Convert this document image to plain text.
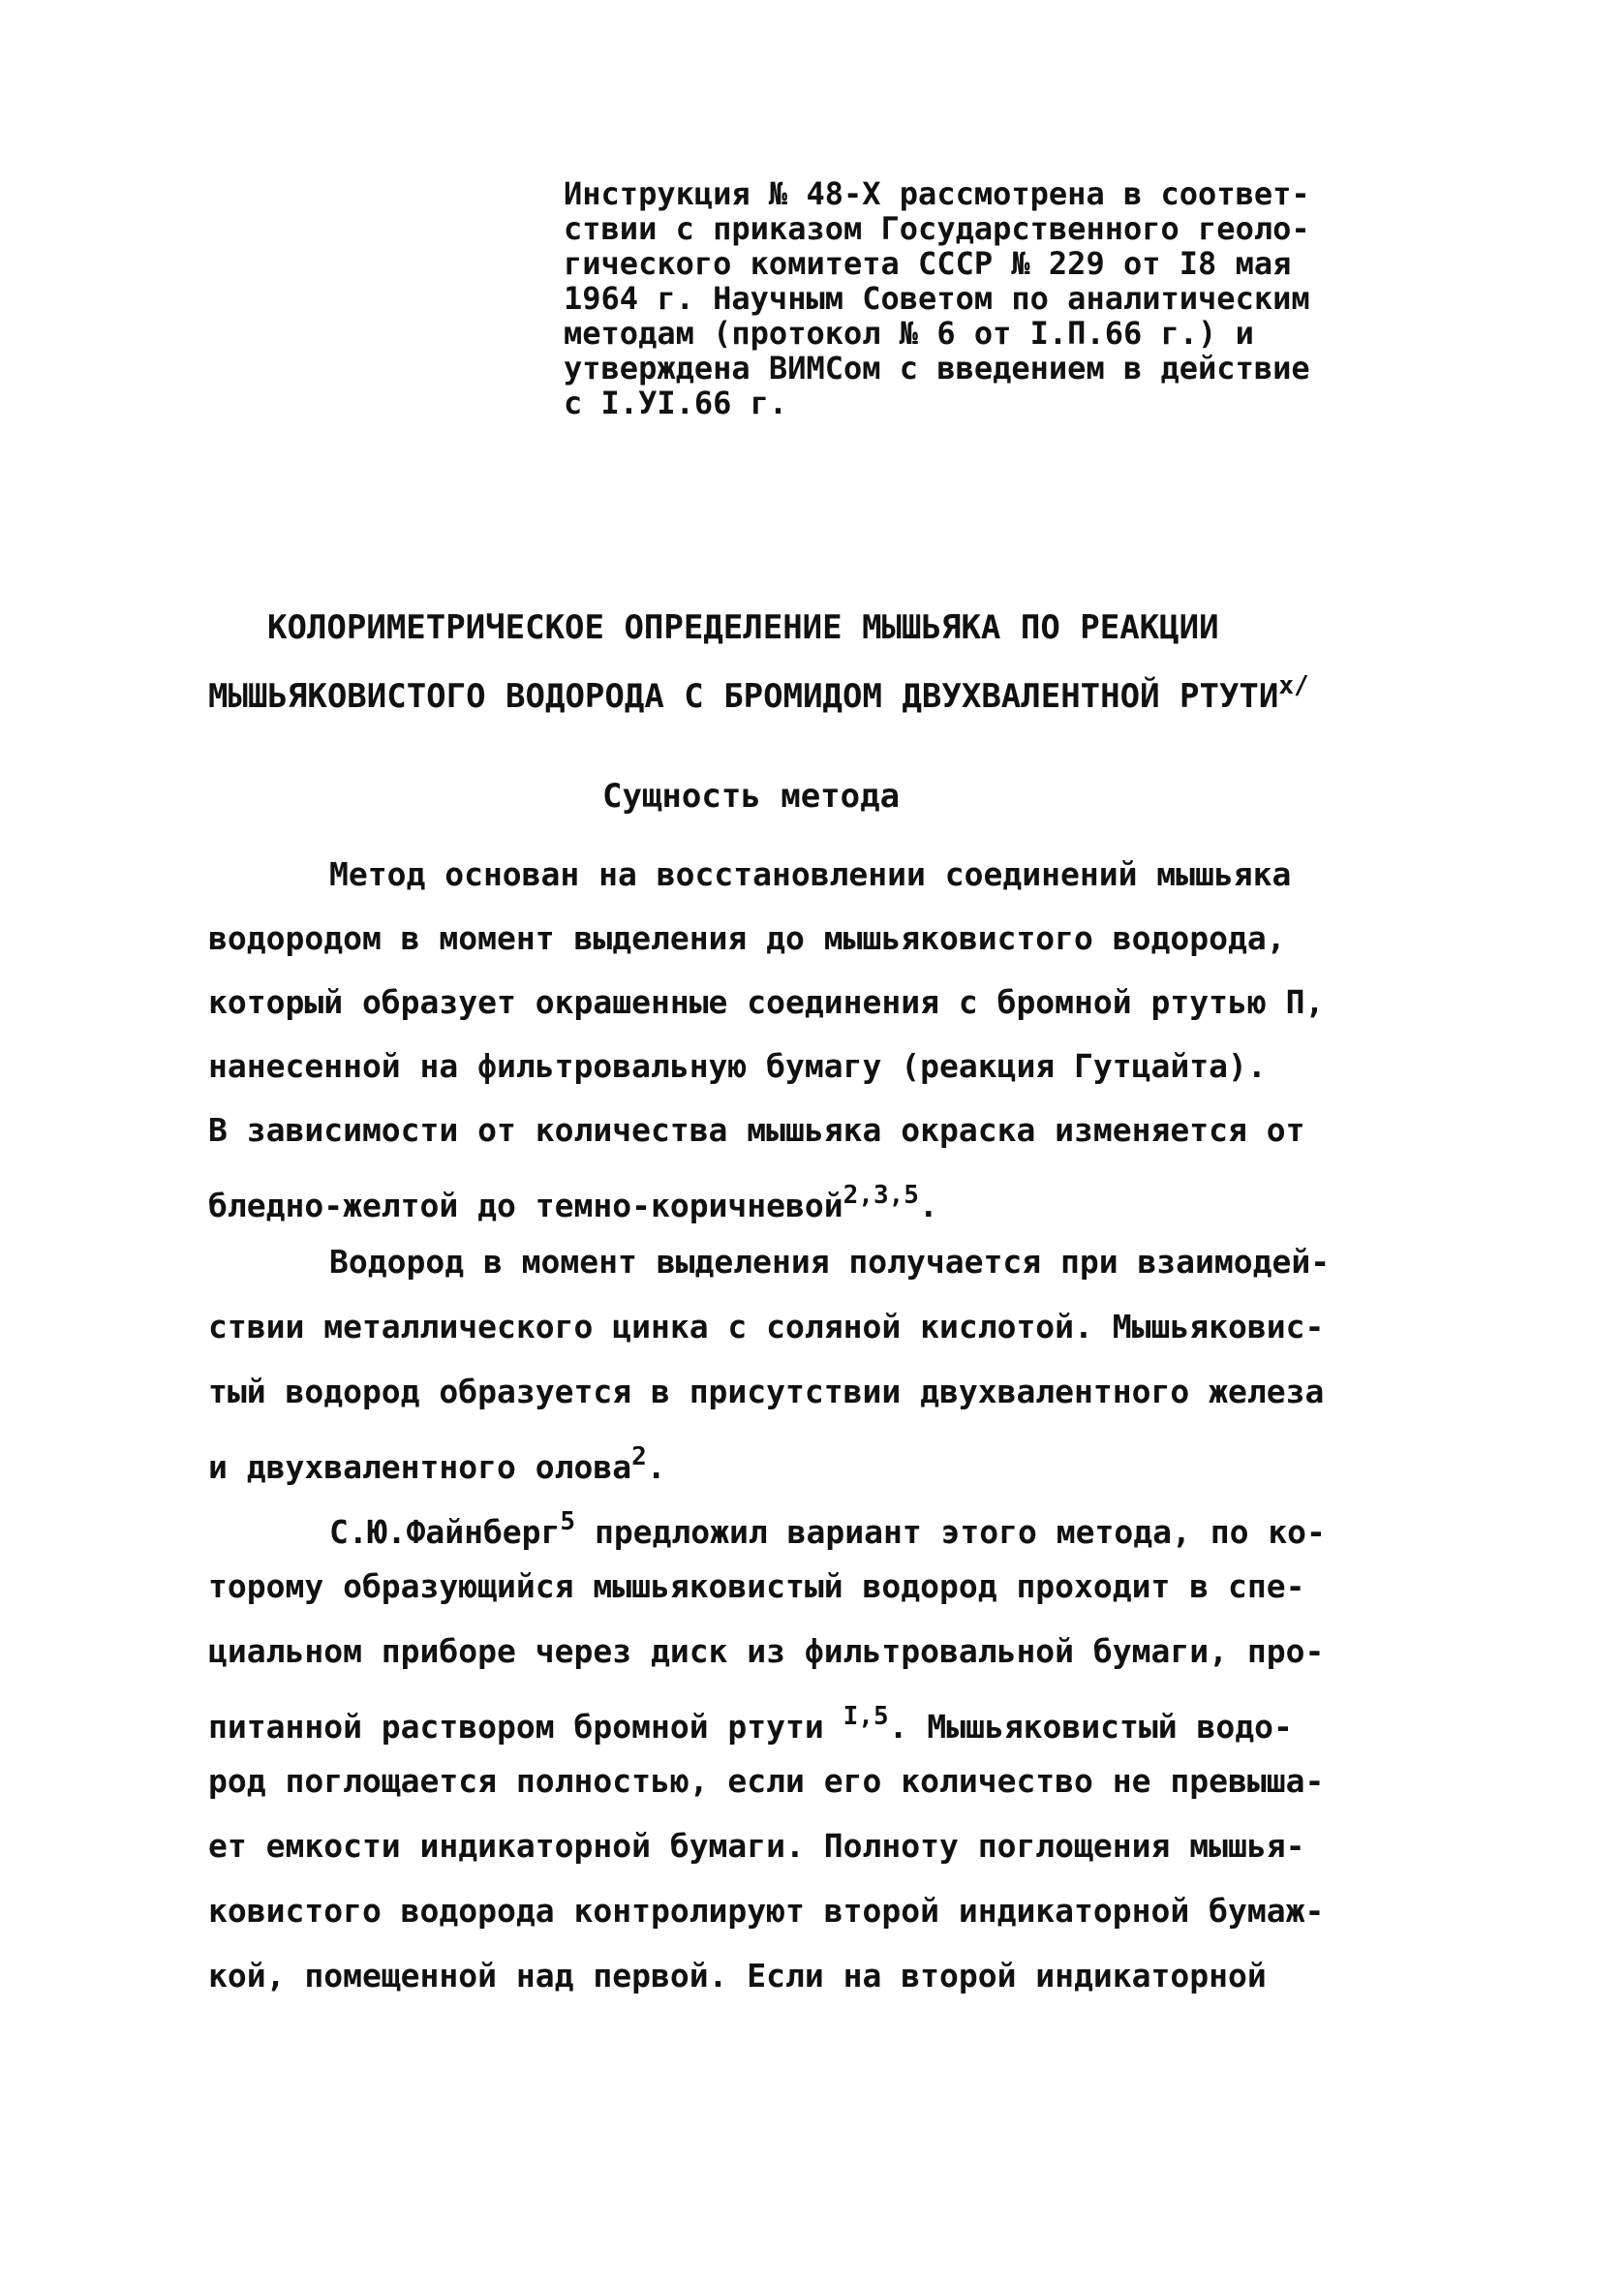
Инструкция № 48-Х рассмотрена в соответ-
ствии с приказом Государственного геоло-
гического комитета СССР № 229 от I8 мая
1964 г. Научным Советом по аналитическим
методам (протокол № 6 от I.П.66 г.) и
утверждена ВИМСом с введением в действие
с I.УI.66 г.
КОЛОРИМЕТРИЧЕСКОЕ ОПРЕДЕЛЕНИЕ МЫШЬЯКА ПО РЕАКЦИИ
МЫШЬЯКОВИСТОГО ВОДОРОДА С БРОМИДОМ ДВУХВАЛЕНТНОЙ $РТУТИ^{х/}$
Сущность метода
Метод основан на восстановлении соединений мышьяка
водородом в момент выделения до мышьяковистого водорода,
который образует окрашенные соединения с бромной ртутью П,
нанесенной на фильтровальную бумагу (реакция Гутцайта).
В зависимости от количества мышьяка окраска изменяется от
бледно-желтой до темно-коричневой$^{2,3,5}$.
Водород в момент выделения получается при взаимодей-
ствии металлического цинка с соляной кислотой. Мышьяковис-
тый водород образуется в присутствии двухвалентного железа
и двухвалентного олова$^2$.
С.Ю.Файнберг$^5$ предложил вариант этого метода, по ко-
торому образующийся мышьяковистый водород проходит в спе-
циальном приборе через диск из фильтровальной бумаги, про-
питанной раствором бромной ртути $^{I,5}$. Мышьяковистый водо-
род поглощается полностью, если его количество не превыша-
ет емкости индикаторной бумаги. Полноту поглощения мышья-
ковистого водорода контролируют второй индикаторной бумаж-
кой, помещенной над первой. Если на второй индикаторной
